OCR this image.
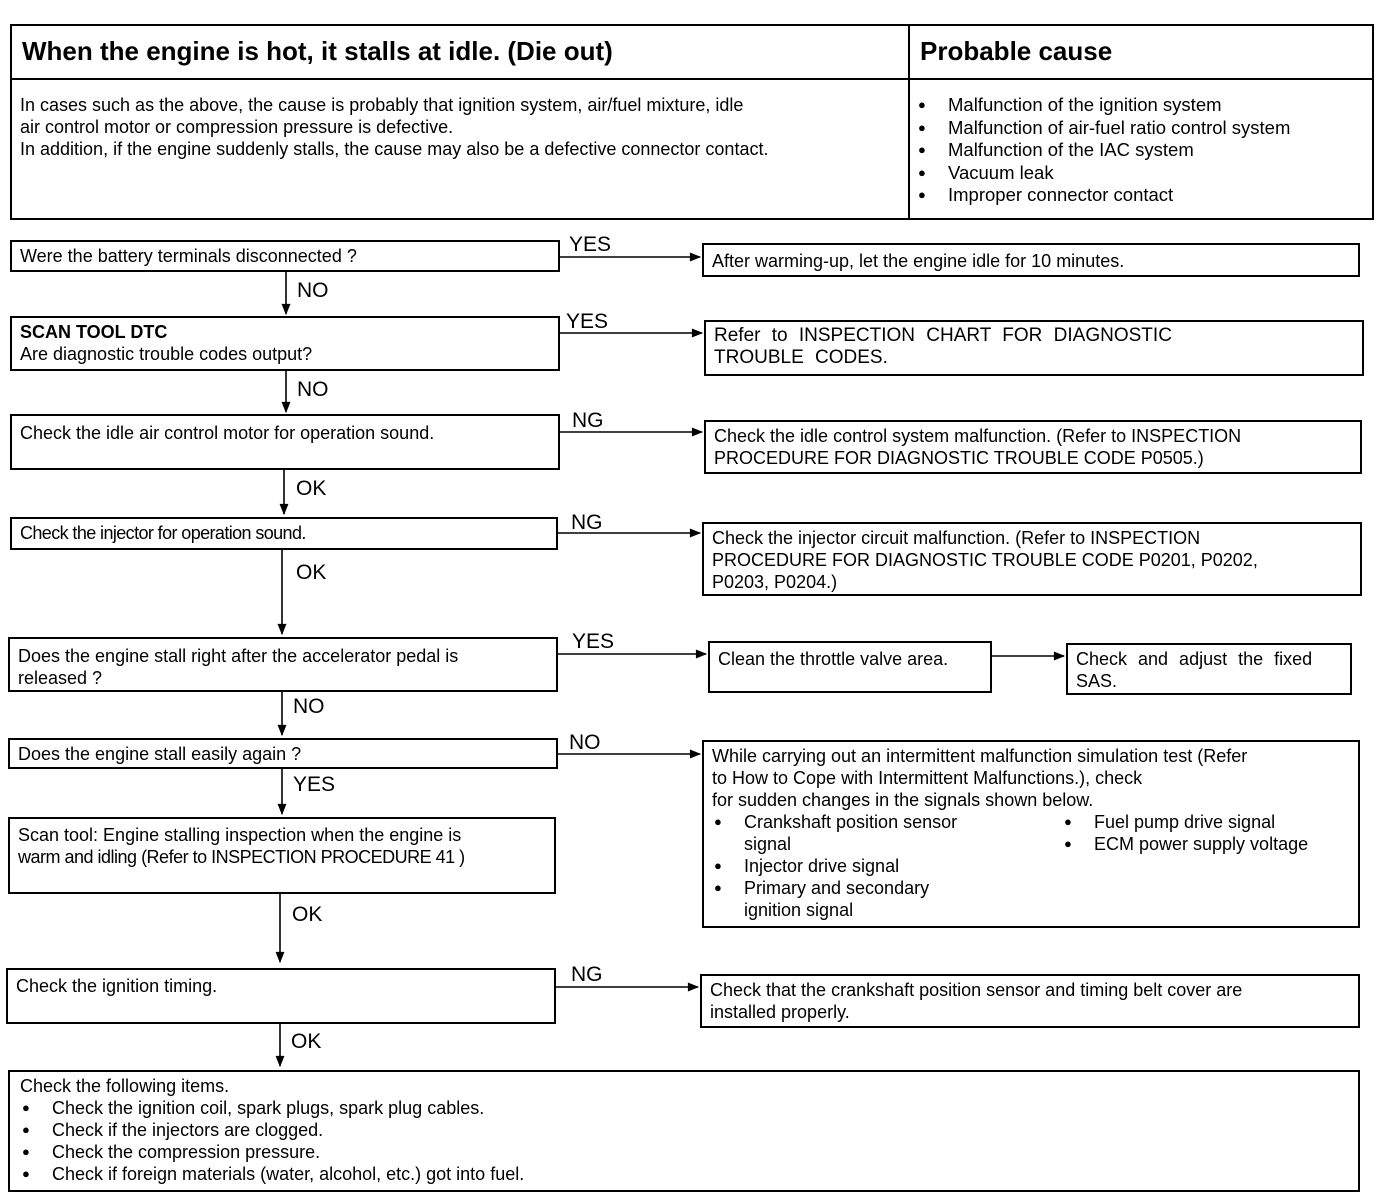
When the engine is hot, it stalls at idle. (Die out)	Probable cause
In cases such as the above, the cause is probably that ignition system, air/fuel mixture, idle
air control motor or compression pressure is defective.
In addition, if the engine suddenly stalls, the cause may also be a defective connector contact.
● Malfunction of the ignition system
● Malfunction of air-fuel ratio control system
● Malfunction of the IAC system
● Vacuum leak
● Improper connector contact
Were the battery terminals disconnected ?	YES
After warming-up, let the engine idle for 10 minutes.
NO
SCAN TOOL DTC
Are diagnostic trouble codes output?
YES
Refer to INSPECTION CHART FOR DIAGNOSTIC
TROUBLE CODES.
NO
Check the idle air control motor for operation sound.
NG
Check the idle control system malfunction. (Refer to INSPECTION
PROCEDURE FOR DIAGNOSTIC TROUBLE CODE P0505.)
OK
Check the injector for operation sound.	NG
Check the injector circuit malfunction. (Refer to INSPECTION
PROCEDURE FOR DIAGNOSTIC TROUBLE CODE P0201, P0202,
P0203, P0204.)
OK
Does the engine stall right after the accelerator pedal is
released ?
YES
Clean the throttle valve area.	Check and adjust the fixed
SAS.
NO
Does the engine stall easily again ?	NO
While carrying out an intermittent malfunction simulation test (Refer
to How to Cope with Intermittent Malfunctions.), check
for sudden changes in the signals shown below.
● Crankshaft position sensor signal
● Injector drive signal
● Primary and secondary ignition signal
● Fuel pump drive signal
● ECM power supply voltage
YES
Scan tool: Engine stalling inspection when the engine is
warm and idling (Refer to INSPECTION PROCEDURE 41 )
OK
Check the ignition timing.	NG
Check that the crankshaft position sensor and timing belt cover are
installed properly.
OK
Check the following items.
● Check the ignition coil, spark plugs, spark plug cables.
● Check if the injectors are clogged.
● Check the compression pressure.
● Check if foreign materials (water, alcohol, etc.) got into fuel.
